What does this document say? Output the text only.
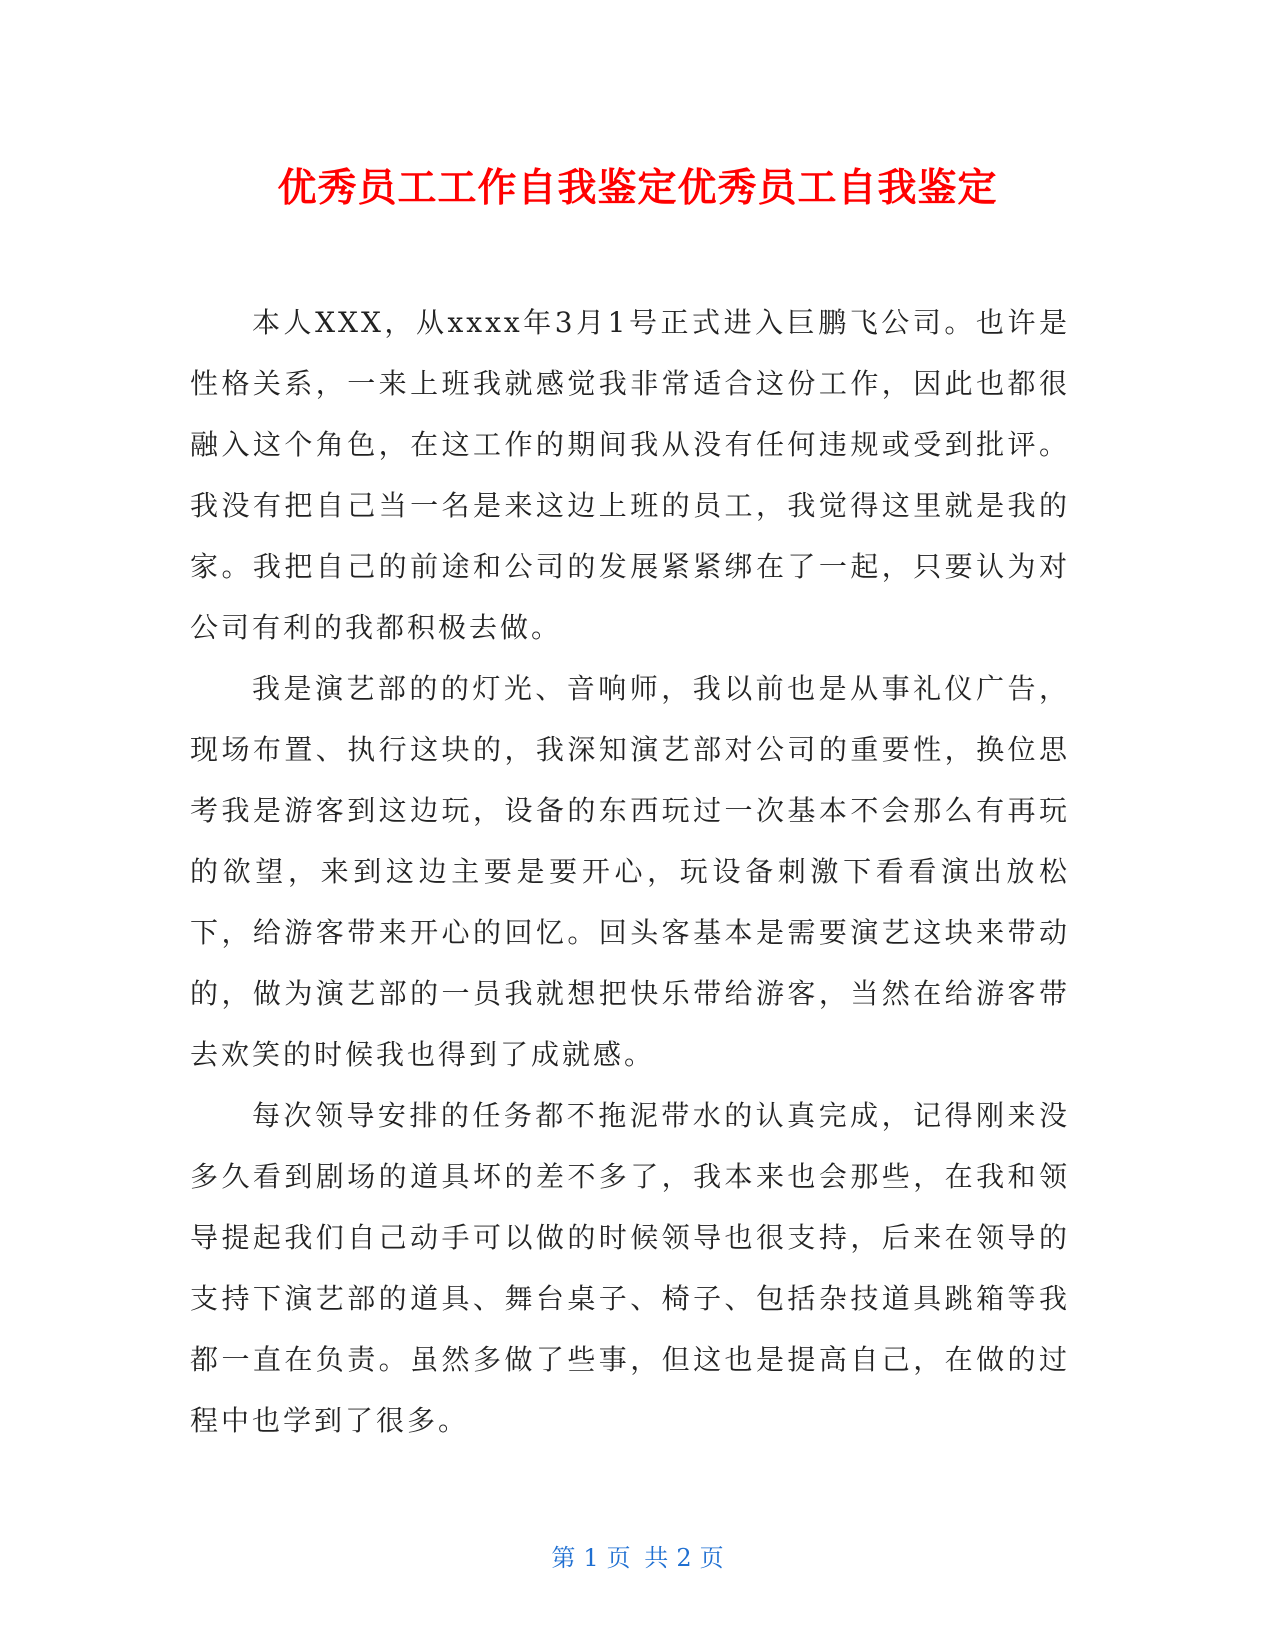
优秀员工工作自我鉴定优秀员工自我鉴定

本人XXX，从xxxx年3月1号正式进入巨鹏飞公司。也许是性格关系，一来上班我就感觉我非常适合这份工作，因此也都很融入这个角色，在这工作的期间我从没有任何违规或受到批评。我没有把自己当一名是来这边上班的员工，我觉得这里就是我的家。我把自己的前途和公司的发展紧紧绑在了一起，只要认为对公司有利的我都积极去做。

我是演艺部的的灯光、音响师，我以前也是从事礼仪广告，现场布置、执行这块的，我深知演艺部对公司的重要性，换位思考我是游客到这边玩，设备的东西玩过一次基本不会那么有再玩的欲望，来到这边主要是要开心，玩设备刺激下看看演出放松下，给游客带来开心的回忆。回头客基本是需要演艺这块来带动的，做为演艺部的一员我就想把快乐带给游客，当然在给游客带去欢笑的时候我也得到了成就感。

每次领导安排的任务都不拖泥带水的认真完成，记得刚来没多久看到剧场的道具坏的差不多了，我本来也会那些，在我和领导提起我们自己动手可以做的时候领导也很支持，后来在领导的支持下演艺部的道具、舞台桌子、椅子、包括杂技道具跳箱等我都一直在负责。虽然多做了些事，但这也是提高自己，在做的过程中也学到了很多。

第 1 页 共 2 页
